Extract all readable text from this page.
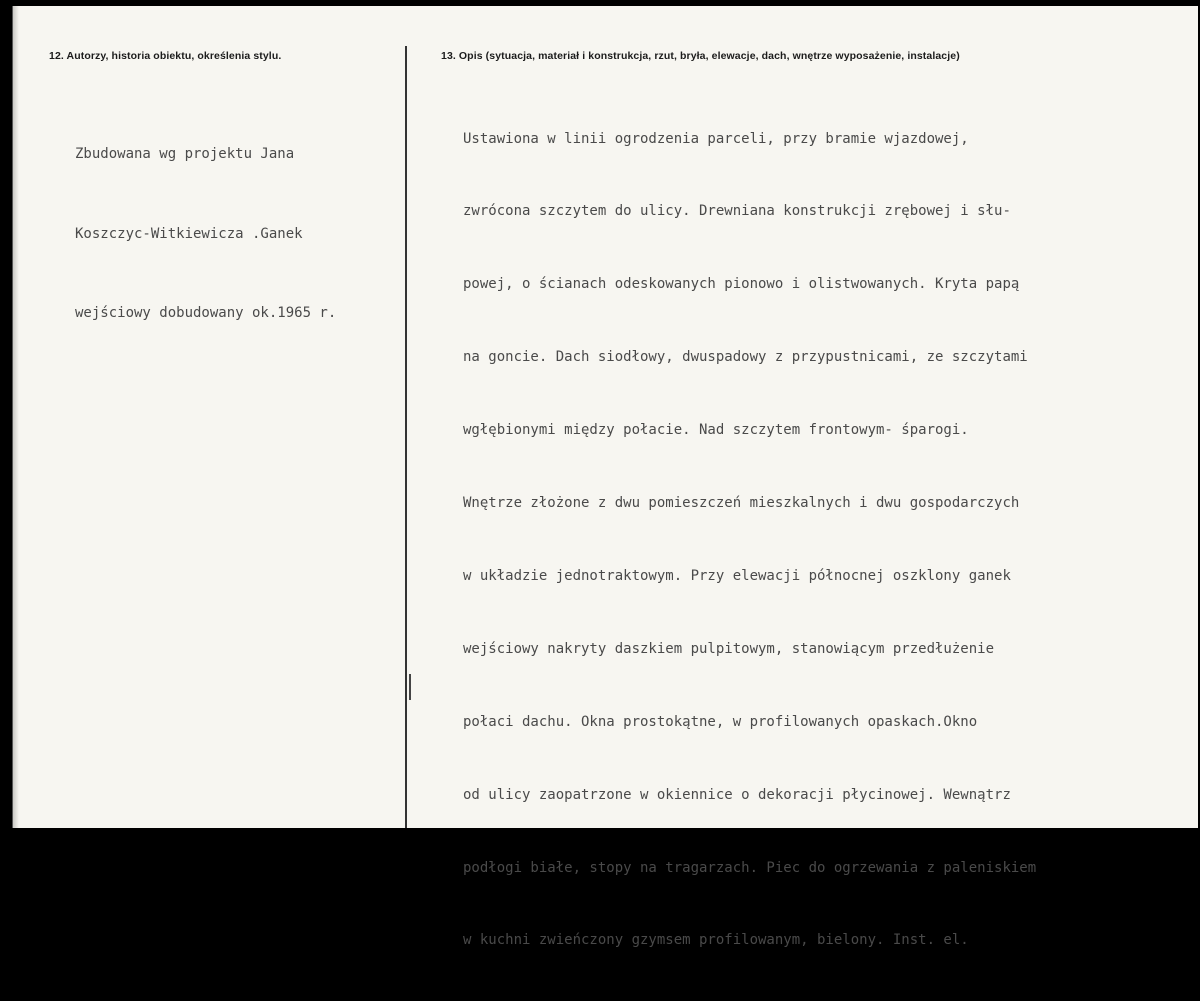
12. Autorzy, historia obiektu, określenia stylu.	13. Opis (sytuacja, materiał i konstrukcja, rzut, bryła, elewacje, dach, wnętrze wyposażenie, instalacje)

Zbudowana wg projektu Jana

Koszczyc-Witkiewicza .Ganek

wejściowy dobudowany ok.1965 r.

Ustawiona w linii ogrodzenia parceli, przy bramie wjazdowej,

zwrócona szczytem do ulicy. Drewniana konstrukcji zrębowej i słu-

powej, o ścianach odeskowanych pionowo i olistwowanych. Kryta papą

na goncie. Dach siodłowy, dwuspadowy z przypustnicami, ze szczytami

wgłębionymi między połacie. Nad szczytem frontowym- śparogi.

Wnętrze złożone z dwu pomieszczeń mieszkalnych i dwu gospodarczych

w układzie jednotraktowym. Przy elewacji północnej oszklony ganek

wejściowy nakryty daszkiem pulpitowym, stanowiącym przedłużenie

połaci dachu. Okna prostokątne, w profilowanych opaskach.Okno

od ulicy zaopatrzone w okiennice o dekoracji płycinowej. Wewnątrz

podłogi białe, stopy na tragarzach. Piec do ogrzewania z paleniskiem

w kuchni zwieńczony gzymsem profilowanym, bielony. Inst. el.
